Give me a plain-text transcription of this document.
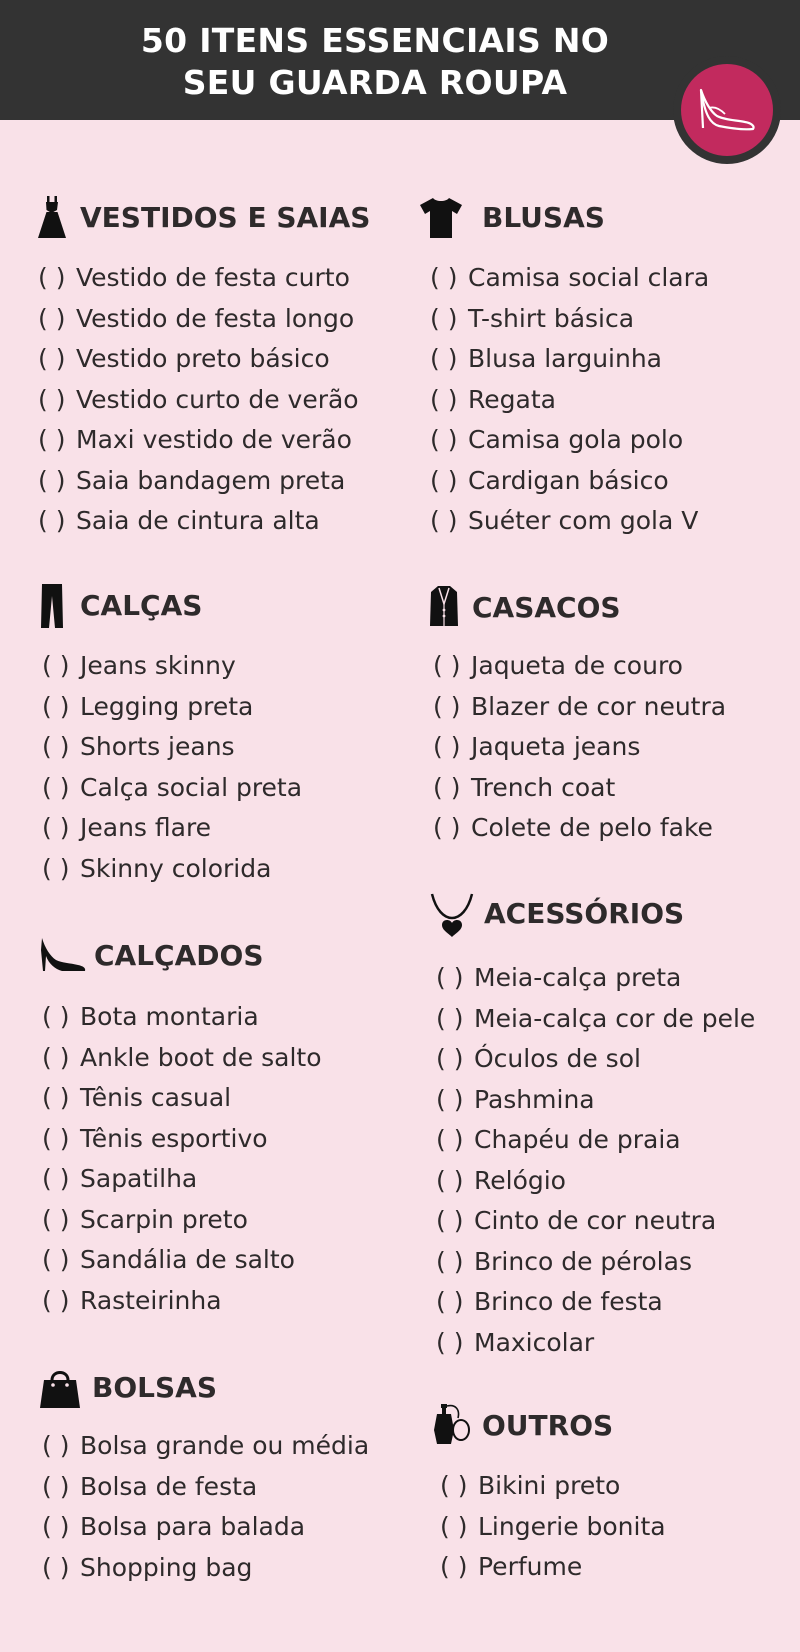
50 ITENS ESSENCIAIS NO
SEU GUARDA ROUPA
VESTIDOS E SAIAS
( ) Vestido de festa curto
( ) Vestido de festa longo
( ) Vestido preto básico
( ) Vestido curto de verão
( ) Maxi vestido de verão
( ) Saia bandagem preta
( ) Saia de cintura alta
BLUSAS
( ) Camisa social clara
( ) T-shirt básica
( ) Blusa larguinha
( ) Regata
( ) Camisa gola polo
( ) Cardigan básico
( ) Suéter com gola V
CALÇAS
( ) Jeans skinny
( ) Legging preta
( ) Shorts jeans
( ) Calça social preta
( ) Jeans flare
( ) Skinny colorida
CASACOS
( ) Jaqueta de couro
( ) Blazer de cor neutra
( ) Jaqueta jeans
( ) Trench coat
( ) Colete de pelo fake
CALÇADOS
( ) Bota montaria
( ) Ankle boot de salto
( ) Tênis casual
( ) Tênis esportivo
( ) Sapatilha
( ) Scarpin preto
( ) Sandália de salto
( ) Rasteirinha
ACESSÓRIOS
( ) Meia-calça preta
( ) Meia-calça cor de pele
( ) Óculos de sol
( ) Pashmina
( ) Chapéu de praia
( ) Relógio
( ) Cinto de cor neutra
( ) Brinco de pérolas
( ) Brinco de festa
( ) Maxicolar
BOLSAS
( ) Bolsa grande ou média
( ) Bolsa de festa
( ) Bolsa para balada
( ) Shopping bag
OUTROS
( ) Bikini preto
( ) Lingerie bonita
( ) Perfume
